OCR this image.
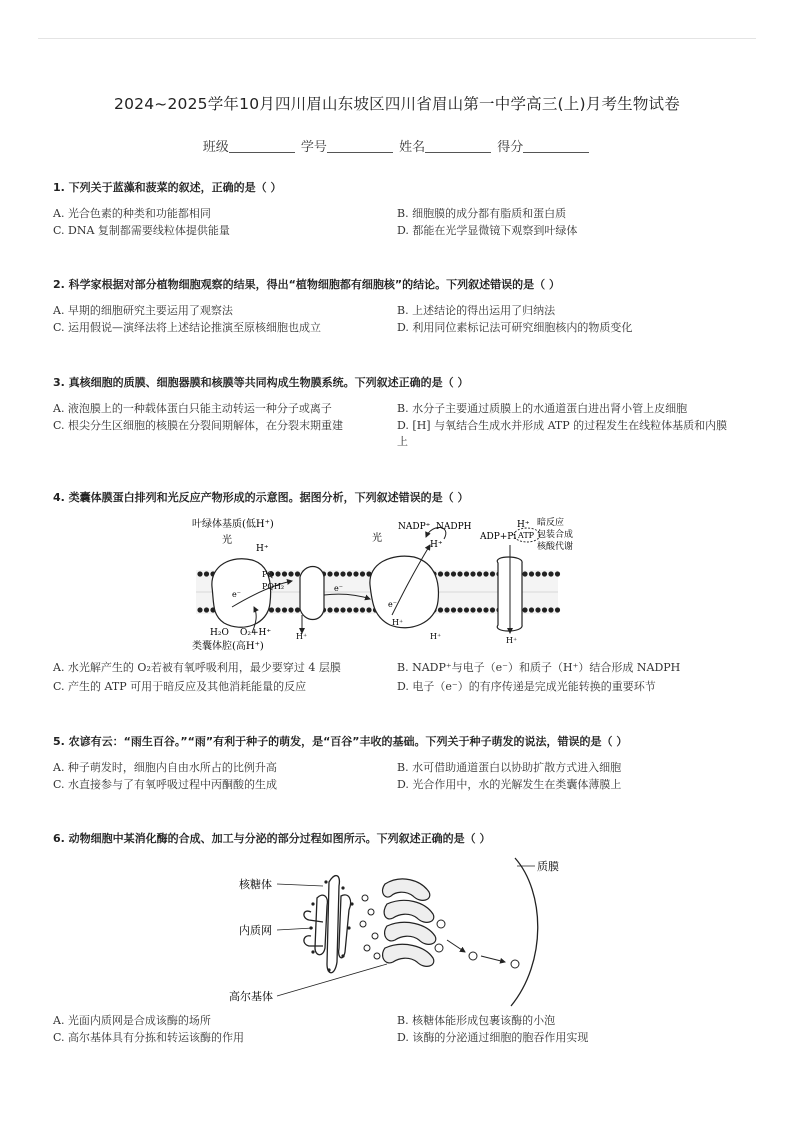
2024~2025学年10月四川眉山东坡区四川省眉山第一中学高三(上)月考生物试卷
班级	学号	姓名	得分
1. 下列关于蓝藻和菠菜的叙述，正确的是（ ）
A. 光合色素的种类和功能都相同	B. 细胞膜的成分都有脂质和蛋白质
C. DNA 复制都需要线粒体提供能量	D. 都能在光学显微镜下观察到叶绿体
2. 科学家根据对部分植物细胞观察的结果，得出“植物细胞都有细胞核”的结论。下列叙述错误的是（ ）
A. 早期的细胞研究主要运用了观察法	B. 上述结论的得出运用了归纳法
C. 运用假说—演绎法将上述结论推演至原核细胞也成立	D. 利用同位素标记法可研究细胞核内的物质变化
3. 真核细胞的质膜、细胞器膜和核膜等共同构成生物膜系统。下列叙述正确的是（ ）
A. 液泡膜上的一种载体蛋白只能主动转运一种分子或离子	B. 水分子主要通过质膜上的水通道蛋白进出肾小管上皮细胞
C. 根尖分生区细胞的核膜在分裂间期解体，在分裂末期重建	D. [H] 与氧结合生成水并形成 ATP 的过程发生在线粒体基质和内膜上
4. 类囊体膜蛋白排列和光反应产物形成的示意图。据图分析，下列叙述错误的是（ ）
叶绿体基质(低H⁺)
光
H⁺
PQ
PQH₂
e⁻
e⁻
e⁻
光
NADP⁺ NADPH
H⁺
H⁺
ADP+Pi ATP
暗反应
包装合成
核酸代谢
H₂O O₂+H⁺	H⁺
H⁺
H⁺	H⁺
类囊体腔(高H⁺)
A. 水光解产生的 O₂若被有氧呼吸利用，最少要穿过 4 层膜	B. NADP⁺与电子（e⁻）和质子（H⁺）结合形成 NADPH
C. 产生的 ATP 可用于暗反应及其他消耗能量的反应	D. 电子（e⁻）的有序传递是完成光能转换的重要环节
5. 农谚有云：“雨生百谷。”“雨”有利于种子的萌发，是“百谷”丰收的基础。下列关于种子萌发的说法，错误的是（ ）
A. 种子萌发时，细胞内自由水所占的比例升高	B. 水可借助通道蛋白以协助扩散方式进入细胞
C. 水直接参与了有氧呼吸过程中丙酮酸的生成	D. 光合作用中，水的光解发生在类囊体薄膜上
6. 动物细胞中某消化酶的合成、加工与分泌的部分过程如图所示。下列叙述正确的是（ ）
核糖体
内质网
高尔基体
质膜
A. 光面内质网是合成该酶的场所	B. 核糖体能形成包裹该酶的小泡
C. 高尔基体具有分拣和转运该酶的作用	D. 该酶的分泌通过细胞的胞吞作用实现
